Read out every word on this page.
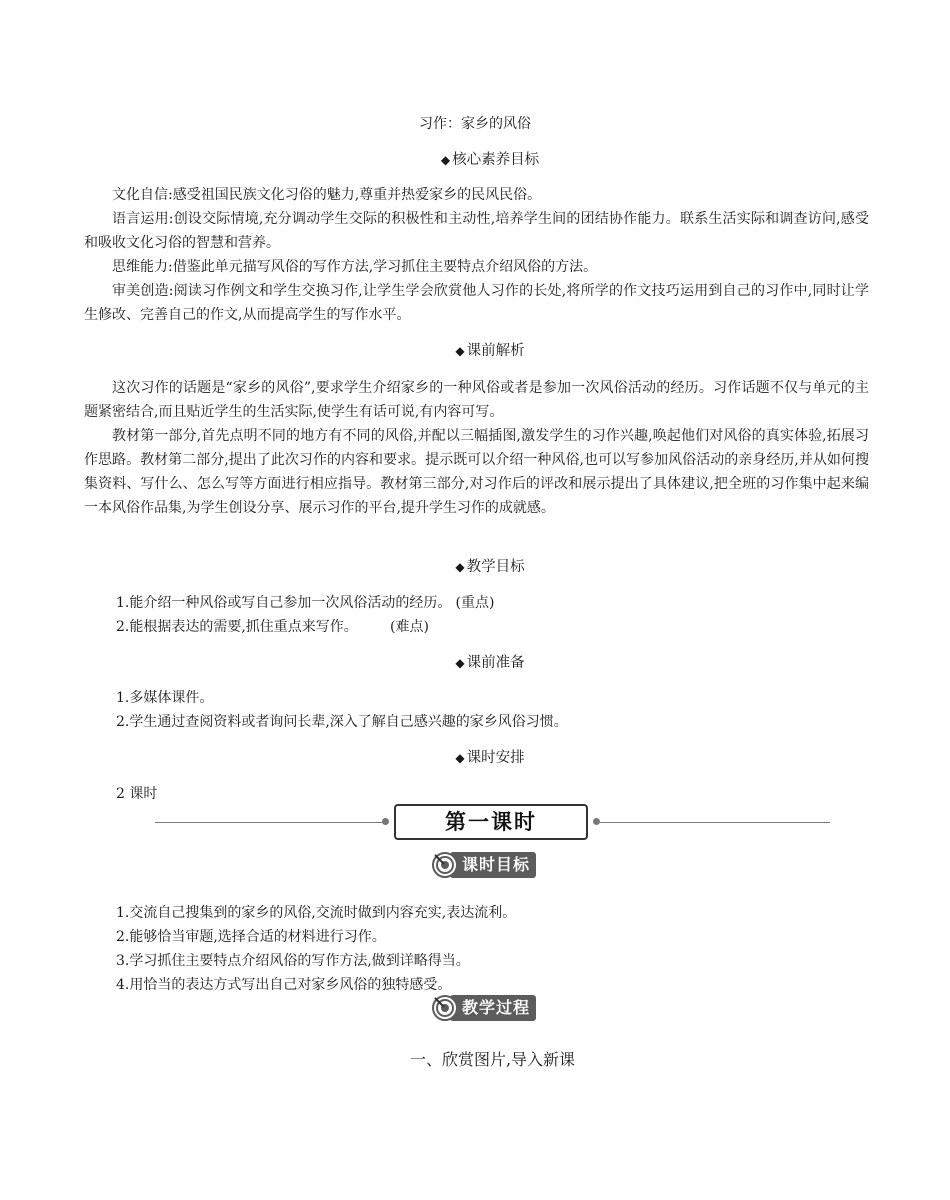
习作：家乡的风俗
◆ 核心素养目标

文化自信:感受祖国民族文化习俗的魅力,尊重并热爱家乡的民风民俗。

语言运用:创设交际情境,充分调动学生交际的积极性和主动性,培养学生间的团结协作能力。联系生活实际和调查访问,感受和吸收文化习俗的智慧和营养。

思维能力:借鉴此单元描写风俗的写作方法,学习抓住主要特点介绍风俗的方法。

审美创造:阅读习作例文和学生交换习作,让学生学会欣赏他人习作的长处,将所学的作文技巧运用到自己的习作中,同时让学生修改、完善自己的作文,从而提高学生的写作水平。

◆ 课前解析

这次习作的话题是“家乡的风俗”,要求学生介绍家乡的一种风俗或者是参加一次风俗活动的经历。习作话题不仅与单元的主题紧密结合,而且贴近学生的生活实际,使学生有话可说,有内容可写。

教材第一部分,首先点明不同的地方有不同的风俗,并配以三幅插图,激发学生的习作兴趣,唤起他们对风俗的真实体验,拓展习作思路。教材第二部分,提出了此次习作的内容和要求。提示既可以介绍一种风俗,也可以写参加风俗活动的亲身经历,并从如何搜集资料、写什么、怎么写等方面进行相应指导。教材第三部分,对习作后的评改和展示提出了具体建议,把全班的习作集中起来编一本风俗作品集,为学生创设分享、展示习作的平台,提升学生习作的成就感。

◆ 教学目标

1.能介绍一种风俗或写自己参加一次风俗活动的经历。 (重点)

2.能根据表达的需要,抓住重点来写作。 (难点)

◆ 课前准备

1.多媒体课件。

2.学生通过查阅资料或者询问长辈,深入了解自己感兴趣的家乡风俗习惯。

◆ 课时安排

2 课时

第一课时
课时目标

1.交流自己搜集到的家乡的风俗,交流时做到内容充实,表达流利。

2.能够恰当审题,选择合适的材料进行习作。

3.学习抓住主要特点介绍风俗的写作方法,做到详略得当。

4.用恰当的表达方式写出自己对家乡风俗的独特感受。

教学过程
一、欣赏图片,导入新课
